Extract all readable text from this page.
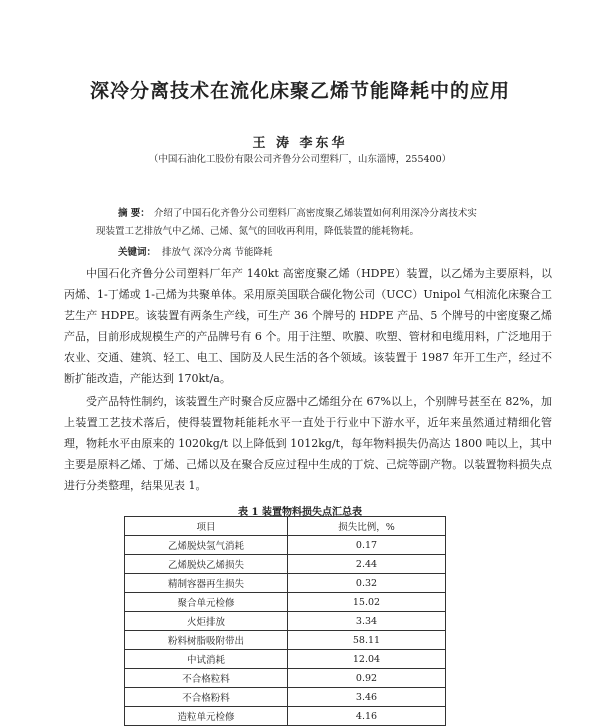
深冷分离技术在流化床聚乙烯节能降耗中的应用
王 涛 李东华
（中国石油化工股份有限公司齐鲁分公司塑料厂，山东淄博，255400）
摘 要： 介绍了中国石化齐鲁分公司塑料厂高密度聚乙烯装置如何利用深冷分离技术实
现装置工艺排放气中乙烯、己烯、氮气的回收再利用，降低装置的能耗物耗。
关键词： 排放气 深冷分离 节能降耗

中国石化齐鲁分公司塑料厂年产 140kt 高密度聚乙烯（HDPE）装置，以乙烯为主要原料，以丙烯、1-丁烯或 1-己烯为共聚单体。采用原美国联合碳化物公司（UCC）Unipol 气相流化床聚合工艺生产 HDPE。该装置有两条生产线，可生产 36 个牌号的 HDPE 产品、5 个牌号的中密度聚乙烯产品，目前形成规模生产的产品牌号有 6 个。用于注塑、吹膜、吹塑、管材和电缆用料，广泛地用于农业、交通、建筑、轻工、电工、国防及人民生活的各个领域。该装置于 1987 年开工生产，经过不断扩能改造，产能达到 170kt/a。

受产品特性制约，该装置生产时聚合反应器中乙烯组分在 67%以上，个别牌号甚至在 82%，加上装置工艺技术落后，使得装置物耗能耗水平一直处于行业中下游水平，近年来虽然通过精细化管理，物耗水平由原来的 1020kg/t 以上降低到 1012kg/t，每年物料损失仍高达 1800 吨以上，其中主要是原料乙烯、丁烯、己烯以及在聚合反应过程中生成的丁烷、己烷等副产物。以装置物料损失点进行分类整理，结果见表 1。

表 1 装置物料损失点汇总表
项目	损失比例，%
乙烯脱炔氢气消耗	0.17
乙烯脱炔乙烯损失	2.44
精制容器再生损失	0.32
聚合单元检修	15.02
火炬排放	3.34
粉料树脂吸附带出	58.11
中试消耗	12.04
不合格粒料	0.92
不合格粉料	3.46
造粒单元检修	4.16
